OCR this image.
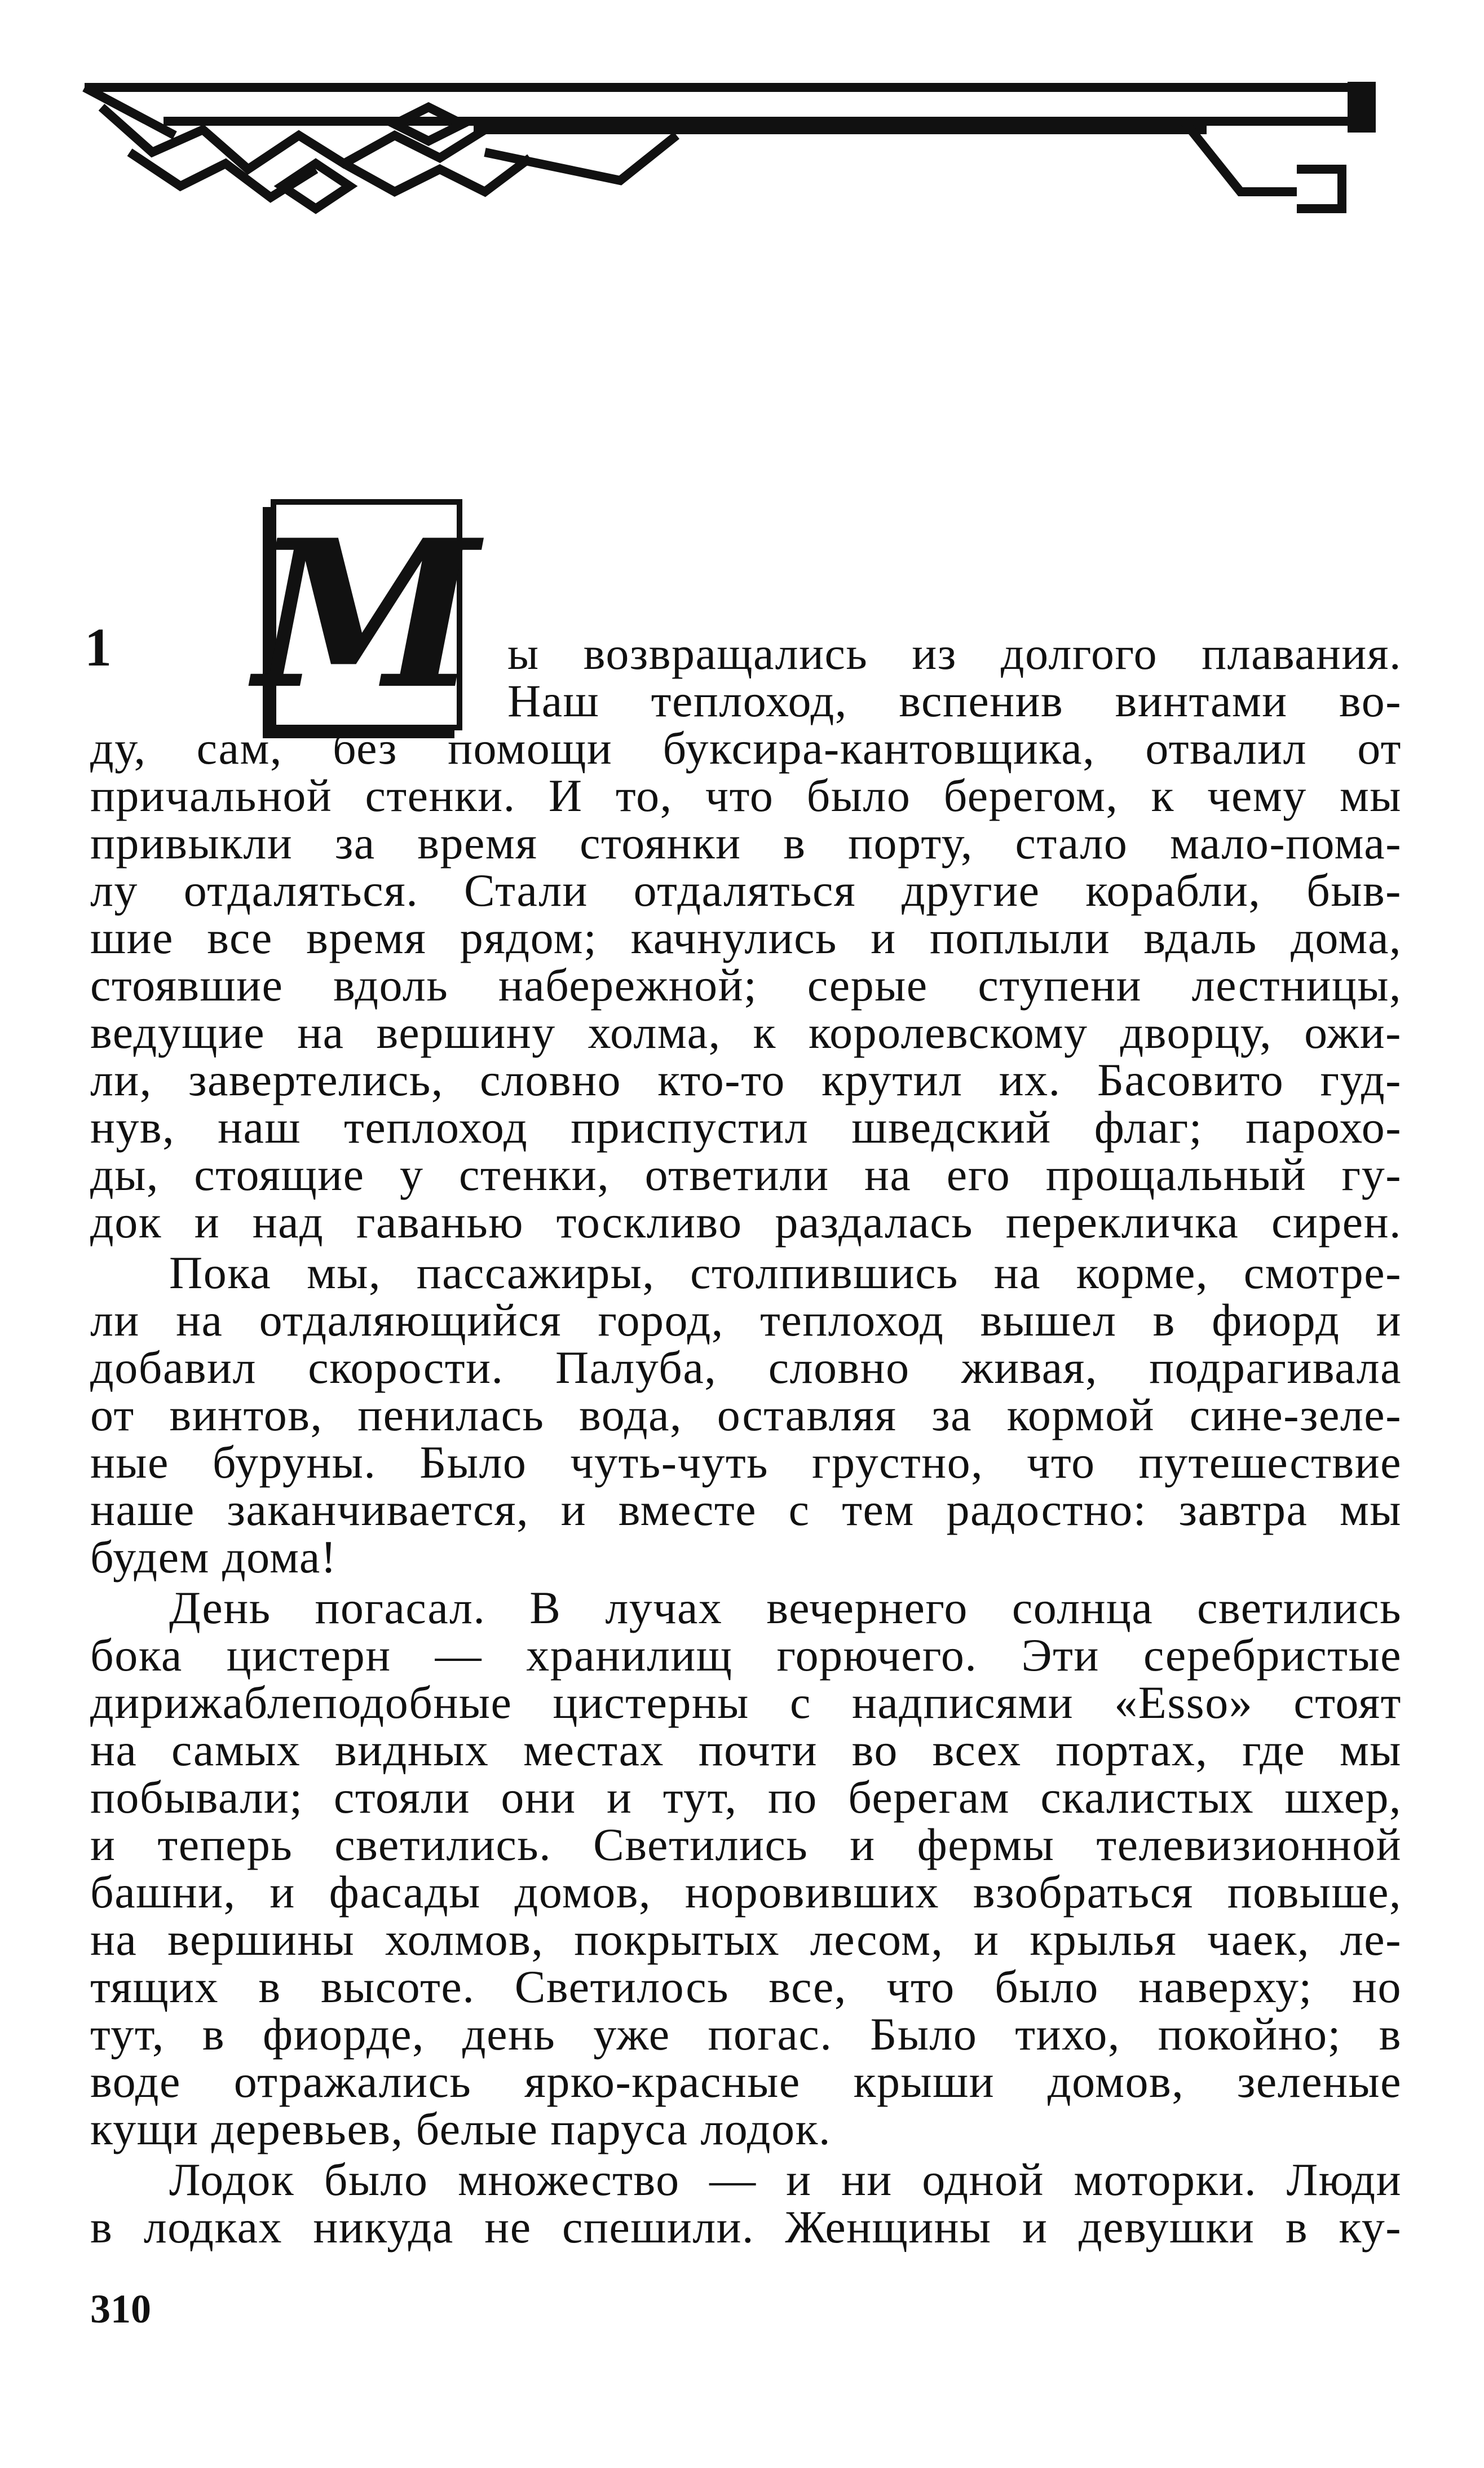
1 М ы возвращались из долгого плавания.
Наш теплоход, вспенив винтами во-
ду, сам, без помощи буксира-кантовщика, отвалил от
причальной стенки. И то, что было берегом, к чему мы
привыкли за время стоянки в порту, стало мало-пома-
лу отдаляться. Стали отдаляться другие корабли, быв-
шие все время рядом; качнулись и поплыли вдаль дома,
стоявшие вдоль набережной; серые ступени лестницы,
ведущие на вершину холма, к королевскому дворцу, ожи-
ли, завертелись, словно кто-то крутил их. Басовито гуд-
нув, наш теплоход приспустил шведский флаг; парохо-
ды, стоящие у стенки, ответили на его прощальный гу-
док и над гаванью тоскливо раздалась перекличка сирен.
Пока мы, пассажиры, столпившись на корме, смотре-
ли на отдаляющийся город, теплоход вышел в фиорд и
добавил скорости. Палуба, словно живая, подрагивала
от винтов, пенилась вода, оставляя за кормой сине-зеле-
ные буруны. Было чуть-чуть грустно, что путешествие
наше заканчивается, и вместе с тем радостно: завтра мы
будем дома!
День погасал. В лучах вечернего солнца светились
бока цистерн — хранилищ горючего. Эти серебристые
дирижаблеподобные цистерны с надписями «Esso» стоят
на самых видных местах почти во всех портах, где мы
побывали; стояли они и тут, по берегам скалистых шхер,
и теперь светились. Светились и фермы телевизионной
башни, и фасады домов, норовивших взобраться повыше,
на вершины холмов, покрытых лесом, и крылья чаек, ле-
тящих в высоте. Светилось все, что было наверху; но
тут, в фиорде, день уже погас. Было тихо, покойно; в
воде отражались ярко-красные крыши домов, зеленые
кущи деревьев, белые паруса лодок.
Лодок было множество — и ни одной моторки. Люди
в лодках никуда не спешили. Женщины и девушки в ку-
310
